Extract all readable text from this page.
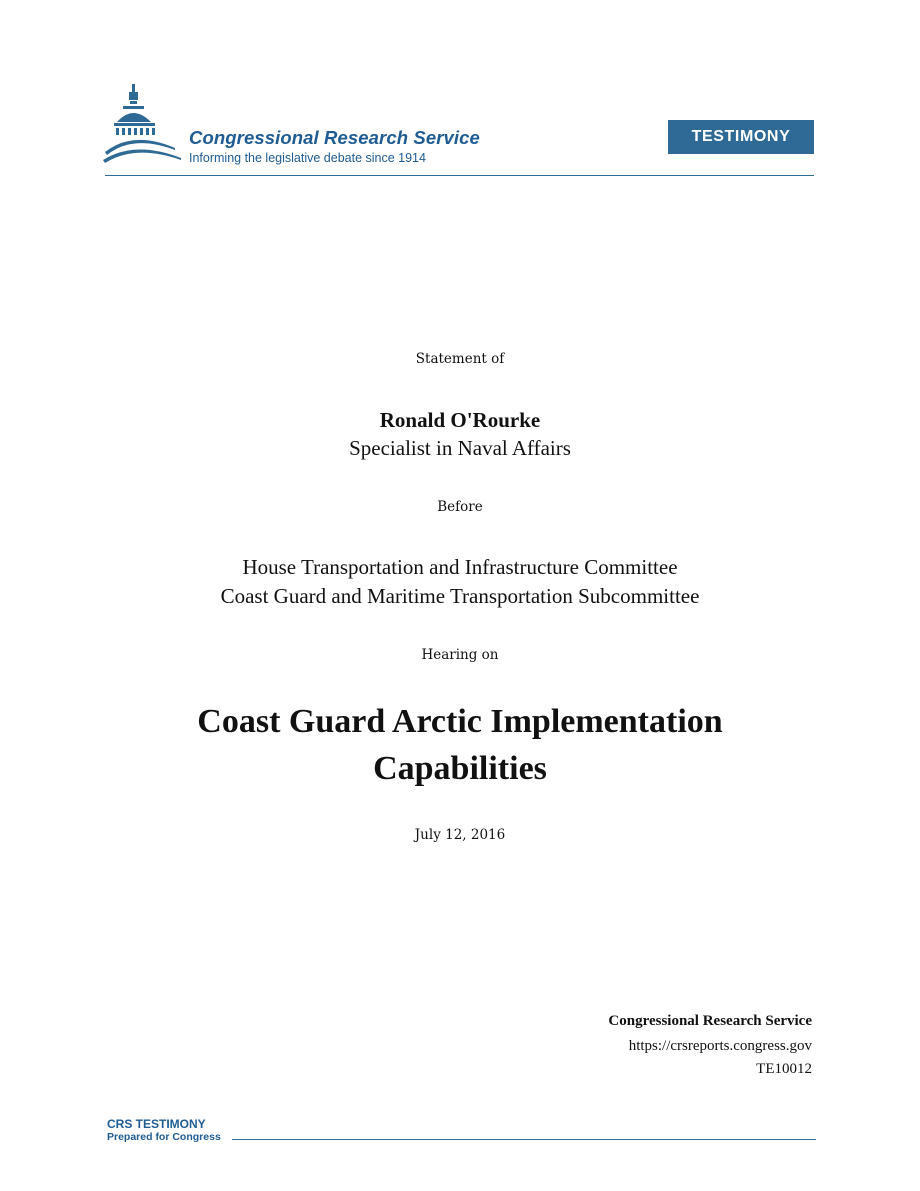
Congressional Research Service
Informing the legislative debate since 1914
TESTIMONY
Statement of
Ronald O'Rourke
Specialist in Naval Affairs
Before
House Transportation and Infrastructure Committee
Coast Guard and Maritime Transportation Subcommittee
Hearing on
Coast Guard Arctic Implementation
Capabilities
July 12, 2016
Congressional Research Service
https://crsreports.congress.gov
TE10012
CRS TESTIMONY
Prepared for Congress
